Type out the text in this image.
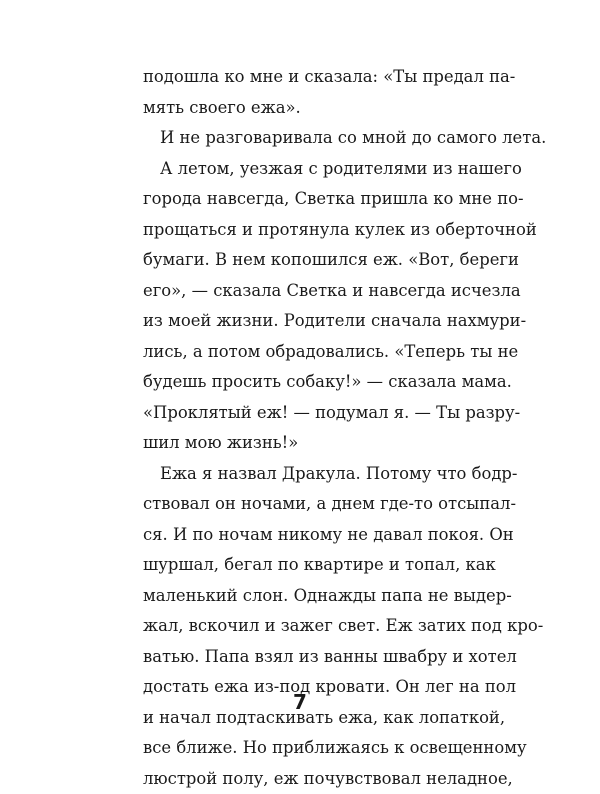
подошла ко мне и сказала: «Ты предал па-
мять своего ежа».
И не разговаривала со мной до самого лета.
А летом, уезжая с родителями из нашего
города навсегда, Светка пришла ко мне по-
прощаться и протянула кулек из оберточной
бумаги. В нем копошился еж. «Вот, береги
его», — сказала Светка и навсегда исчезла
из моей жизни. Родители сначала нахмури-
лись, а потом обрадовались. «Теперь ты не
будешь просить собаку!» — сказала мама.
«Проклятый еж! — подумал я. — Ты разру-
шил мою жизнь!»
Ежа я назвал Дракула. Потому что бодр-
ствовал он ночами, а днем где-то отсыпал-
ся. И по ночам никому не давал покоя. Он
шуршал, бегал по квартире и топал, как
маленький слон. Однажды папа не выдер-
жал, вскочил и зажег свет. Еж затих под кро-
ватью. Папа взял из ванны швабру и хотел
достать ежа из-под кровати. Он лег на пол
и начал подтаскивать ежа, как лопаткой,
все ближе. Но приближаясь к освещенному
люстрой полу, еж почувствовал неладное,
7
